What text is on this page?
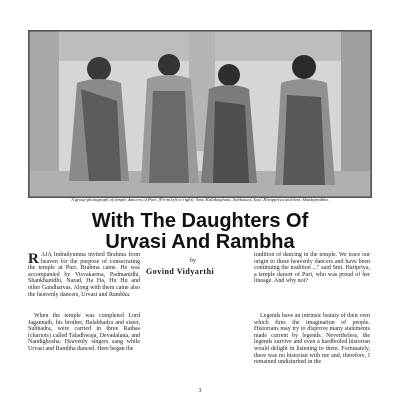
A group photograph of temple dancers of Puri. (From left to right): Sms. Kalidasphala, Sobhasini, Sast. Harippriya and Smt. Shashiprabha.
With The Daughters Of
Urvasi And Rambha
by
Govind Vidyarthi

RAJA Indradyumna invited Brahma from heaven for the purpose of consecrating the temple at Puri. Brahma came. He was accompanied by Visvakarma, Padmanidhi, Shankhanidhi, Narad, Ha Ha, Hu Hu and other Gandharvas. Along with them came also the heavenly dancers, Urvasi and Rambha.

When the temple was completed Lord Jagannath, his brother, Balabhadra and sister, Subhadra, were carried in three Rathas (chariots) called Taladhwaja, Devadalana, and Nandighosha. Heavenly singers sang while Urvasi and Rambha danced. Here began the

tradition of dancing in the temple. We trace our origin to these heavenly dancers and have been continuing the tradition ..." said Smt. Haripriya, a temple dancer of Puri, who was proud of her lineage. And why not?

Legends have an intrinsic beauty of their own which fires the imagination of people. Historians may try to disprove many statements made current by legends. Nevertheless, the legends survive and even a hardboiled historian would delight in listening to them. Fortunately, there was no historian with me and, therefore, I remained undisturbed in the

3
